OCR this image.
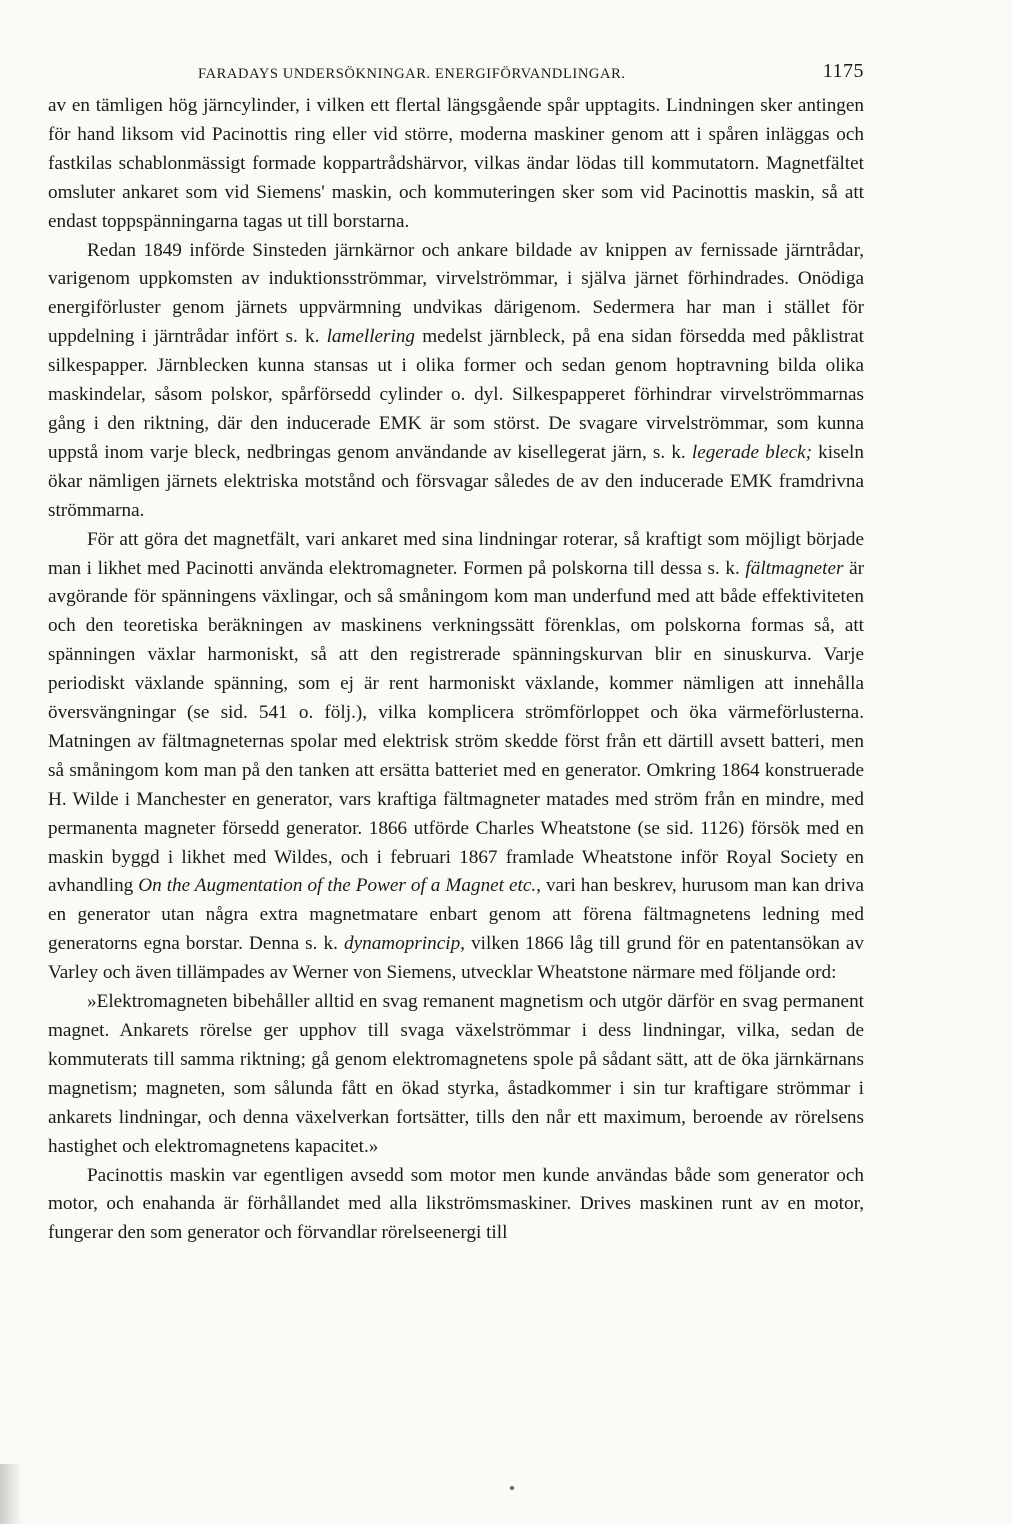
FARADAYS UNDERSÖKNINGAR. ENERGIFÖRVANDLINGAR.	1175

av en tämligen hög järncylinder, i vilken ett flertal längsgående spår upptagits. Lindningen sker antingen för hand liksom vid Pacinottis ring eller vid större, moderna maskiner genom att i spåren inläggas och fastkilas schablonmässigt formade koppartrådshärvor, vilkas ändar lödas till kommutatorn. Magnetfältet omsluter ankaret som vid Siemens' maskin, och kommuteringen sker som vid Pacinottis maskin, så att endast toppspänningarna tagas ut till borstarna.

Redan 1849 införde Sinsteden järnkärnor och ankare bildade av knippen av fernissade järntrådar, varigenom uppkomsten av induktionsströmmar, virvelströmmar, i själva järnet förhindrades. Onödiga energiförluster genom järnets uppvärmning undvikas därigenom. Sedermera har man i stället för uppdelning i järntrådar infört s. k. lamellering medelst järnbleck, på ena sidan försedda med påklistrat silkespapper. Järnblecken kunna stansas ut i olika former och sedan genom hoptravning bilda olika maskindelar, såsom polskor, spårförsedd cylinder o. dyl. Silkespapperet förhindrar virvelströmmarnas gång i den riktning, där den inducerade EMK är som störst. De svagare virvelströmmar, som kunna uppstå inom varje bleck, nedbringas genom användande av kisellegerat järn, s. k. legerade bleck; kiseln ökar nämligen järnets elektriska motstånd och försvagar således de av den inducerade EMK framdrivna strömmarna.

För att göra det magnetfält, vari ankaret med sina lindningar roterar, så kraftigt som möjligt började man i likhet med Pacinotti använda elektromagneter. Formen på polskorna till dessa s. k. fältmagneter är avgörande för spänningens växlingar, och så småningom kom man underfund med att både effektiviteten och den teoretiska beräkningen av maskinens verkningssätt förenklas, om polskorna formas så, att spänningen växlar harmoniskt, så att den registrerade spänningskurvan blir en sinuskurva. Varje periodiskt växlande spänning, som ej är rent harmoniskt växlande, kommer nämligen att innehålla översvängningar (se sid. 541 o. följ.), vilka komplicera strömförloppet och öka värmeförlusterna. Matningen av fältmagneternas spolar med elektrisk ström skedde först från ett därtill avsett batteri, men så småningom kom man på den tanken att ersätta batteriet med en generator. Omkring 1864 konstruerade H. Wilde i Manchester en generator, vars kraftiga fältmagneter matades med ström från en mindre, med permanenta magneter försedd generator. 1866 utförde Charles Wheatstone (se sid. 1126) försök med en maskin byggd i likhet med Wildes, och i februari 1867 framlade Wheatstone inför Royal Society en avhandling On the Augmentation of the Power of a Magnet etc., vari han beskrev, hurusom man kan driva en generator utan några extra magnetmatare enbart genom att förena fältmagnetens ledning med generatorns egna borstar. Denna s. k. dynamoprincip, vilken 1866 låg till grund för en patentansökan av Varley och även tillämpades av Werner von Siemens, utvecklar Wheatstone närmare med följande ord:

»Elektromagneten bibehåller alltid en svag remanent magnetism och utgör därför en svag permanent magnet. Ankarets rörelse ger upphov till svaga växelströmmar i dess lindningar, vilka, sedan de kommuterats till samma riktning; gå genom elektromagnetens spole på sådant sätt, att de öka järnkärnans magnetism; magneten, som sålunda fått en ökad styrka, åstadkommer i sin tur kraftigare strömmar i ankarets lindningar, och denna växelverkan fortsätter, tills den når ett maximum, beroende av rörelsens hastighet och elektromagnetens kapacitet.»

Pacinottis maskin var egentligen avsedd som motor men kunde användas både som generator och motor, och enahanda är förhållandet med alla likströmsmaskiner. Drives maskinen runt av en motor, fungerar den som generator och förvandlar rörelseenergi till
